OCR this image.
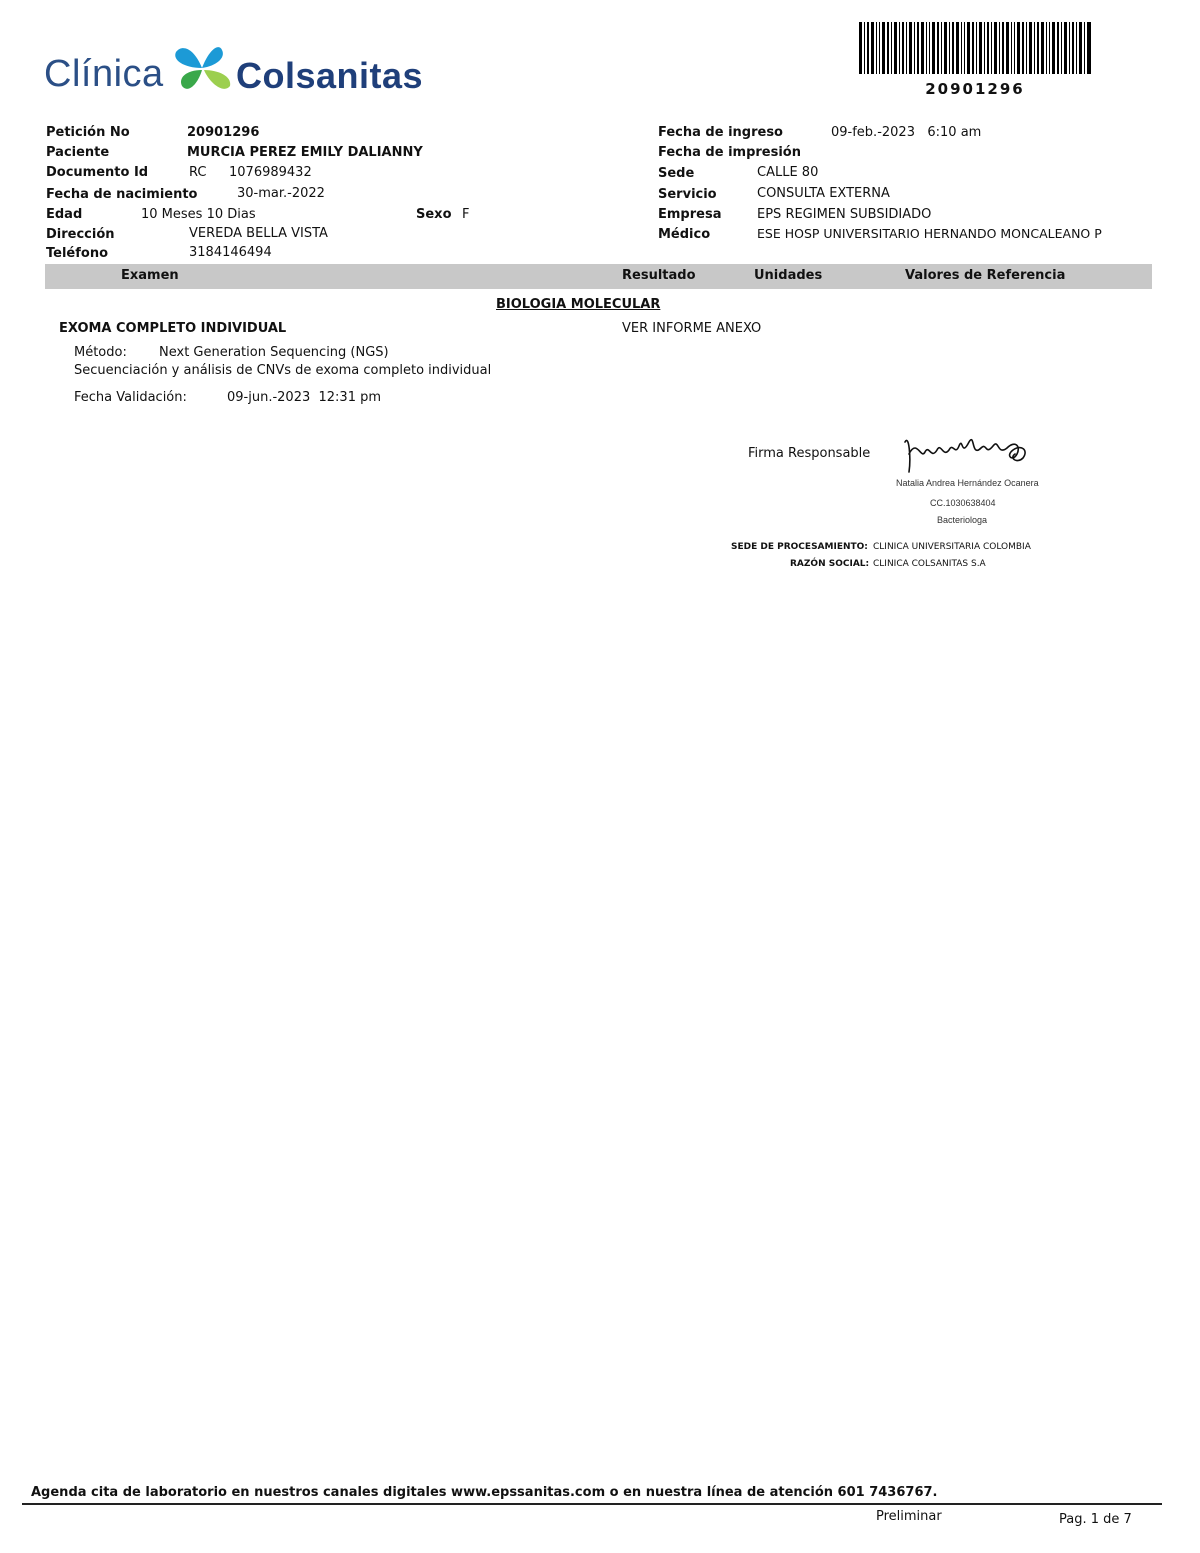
Clínica Colsanitas	20901296
Petición No	20901296
Paciente	MURCIA PEREZ EMILY DALIANNY
Documento Id	RC 1076989432
Fecha de nacimiento	30-mar.-2022
Edad	10 Meses 10 Dias	Sexo F
Dirección	VEREDA BELLA VISTA
Teléfono	3184146494
Fecha de ingreso	09-feb.-2023   6:10 am
Fecha de impresión
Sede	CALLE 80
Servicio	CONSULTA EXTERNA
Empresa	EPS REGIMEN SUBSIDIADO
Médico	ESE HOSP UNIVERSITARIO HERNANDO MONCALEANO P
Examen	Resultado	Unidades	Valores de Referencia
BIOLOGIA MOLECULAR
EXOMA COMPLETO INDIVIDUAL	VER INFORME ANEXO
Método: Next Generation Sequencing (NGS)
Secuenciación y análisis de CNVs de exoma completo individual
Fecha Validación:	09-jun.-2023  12:31 pm
Firma Responsable
Natalia Andrea Hernández Ocanera
CC.1030638404
Bacteriologa
SEDE DE PROCESAMIENTO: CLINICA UNIVERSITARIA COLOMBIA
RAZÓN SOCIAL: CLINICA COLSANITAS S.A
Agenda cita de laboratorio en nuestros canales digitales www.epssanitas.com o en nuestra línea de atención 601 7436767.
Preliminar	Pag. 1 de 7
